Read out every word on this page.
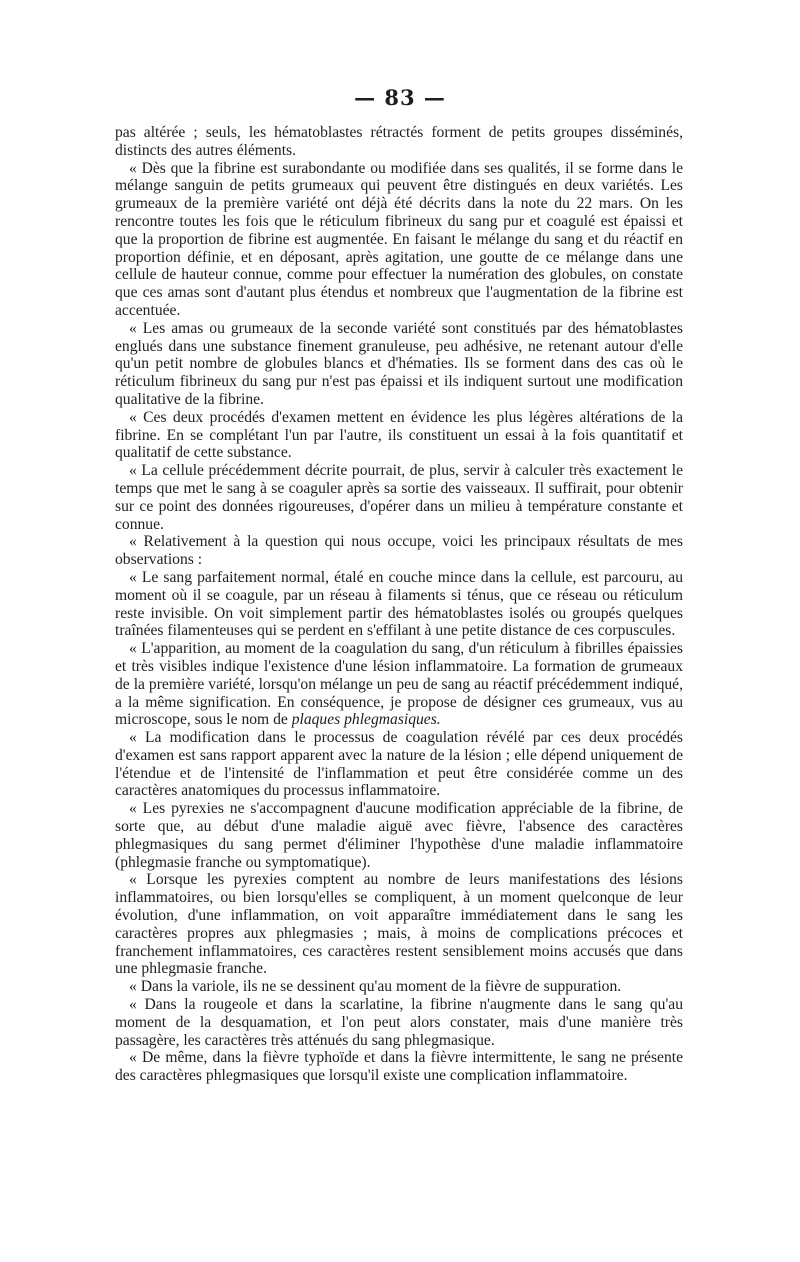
— 83 —

pas altérée ; seuls, les hématoblastes rétractés forment de petits groupes disséminés, distincts des autres éléments.

« Dès que la fibrine est surabondante ou modifiée dans ses qualités, il se forme dans le mélange sanguin de petits grumeaux qui peuvent être distingués en deux variétés. Les grumeaux de la première variété ont déjà été décrits dans la note du 22 mars. On les rencontre toutes les fois que le réticulum fibrineux du sang pur et coagulé est épaissi et que la proportion de fibrine est augmentée. En faisant le mélange du sang et du réactif en proportion définie, et en déposant, après agitation, une goutte de ce mélange dans une cellule de hauteur connue, comme pour effectuer la numération des globules, on constate que ces amas sont d'autant plus étendus et nombreux que l'augmentation de la fibrine est accentuée.

« Les amas ou grumeaux de la seconde variété sont constitués par des hématoblastes englués dans une substance finement granuleuse, peu adhésive, ne retenant autour d'elle qu'un petit nombre de globules blancs et d'hématies. Ils se forment dans des cas où le réticulum fibrineux du sang pur n'est pas épaissi et ils indiquent surtout une modification qualitative de la fibrine.

« Ces deux procédés d'examen mettent en évidence les plus légères altérations de la fibrine. En se complétant l'un par l'autre, ils constituent un essai à la fois quantitatif et qualitatif de cette substance.

« La cellule précédemment décrite pourrait, de plus, servir à calculer très exactement le temps que met le sang à se coaguler après sa sortie des vaisseaux. Il suffirait, pour obtenir sur ce point des données rigoureuses, d'opérer dans un milieu à température constante et connue.

« Relativement à la question qui nous occupe, voici les principaux résultats de mes observations :

« Le sang parfaitement normal, étalé en couche mince dans la cellule, est parcouru, au moment où il se coagule, par un réseau à filaments si ténus, que ce réseau ou réticulum reste invisible. On voit simplement partir des hématoblastes isolés ou groupés quelques traînées filamenteuses qui se perdent en s'effilant à une petite distance de ces corpuscules.

« L'apparition, au moment de la coagulation du sang, d'un réticulum à fibrilles épaissies et très visibles indique l'existence d'une lésion inflammatoire. La formation de grumeaux de la première variété, lorsqu'on mélange un peu de sang au réactif précédemment indiqué, a la même signification. En conséquence, je propose de désigner ces grumeaux, vus au microscope, sous le nom de plaques phlegmasiques.

« La modification dans le processus de coagulation révélé par ces deux procédés d'examen est sans rapport apparent avec la nature de la lésion ; elle dépend uniquement de l'étendue et de l'intensité de l'inflammation et peut être considérée comme un des caractères anatomiques du processus inflammatoire.

« Les pyrexies ne s'accompagnent d'aucune modification appréciable de la fibrine, de sorte que, au début d'une maladie aiguë avec fièvre, l'absence des caractères phlegmasiques du sang permet d'éliminer l'hypothèse d'une maladie inflammatoire (phlegmasie franche ou symptomatique).

« Lorsque les pyrexies comptent au nombre de leurs manifestations des lésions inflammatoires, ou bien lorsqu'elles se compliquent, à un moment quelconque de leur évolution, d'une inflammation, on voit apparaître immédiatement dans le sang les caractères propres aux phlegmasies ; mais, à moins de complications précoces et franchement inflammatoires, ces caractères restent sensiblement moins accusés que dans une phlegmasie franche.

« Dans la variole, ils ne se dessinent qu'au moment de la fièvre de suppuration.

« Dans la rougeole et dans la scarlatine, la fibrine n'augmente dans le sang qu'au moment de la desquamation, et l'on peut alors constater, mais d'une manière très passagère, les caractères très atténués du sang phlegmasique.

« De même, dans la fièvre typhoïde et dans la fièvre intermittente, le sang ne présente des caractères phlegmasiques que lorsqu'il existe une complication inflammatoire.
